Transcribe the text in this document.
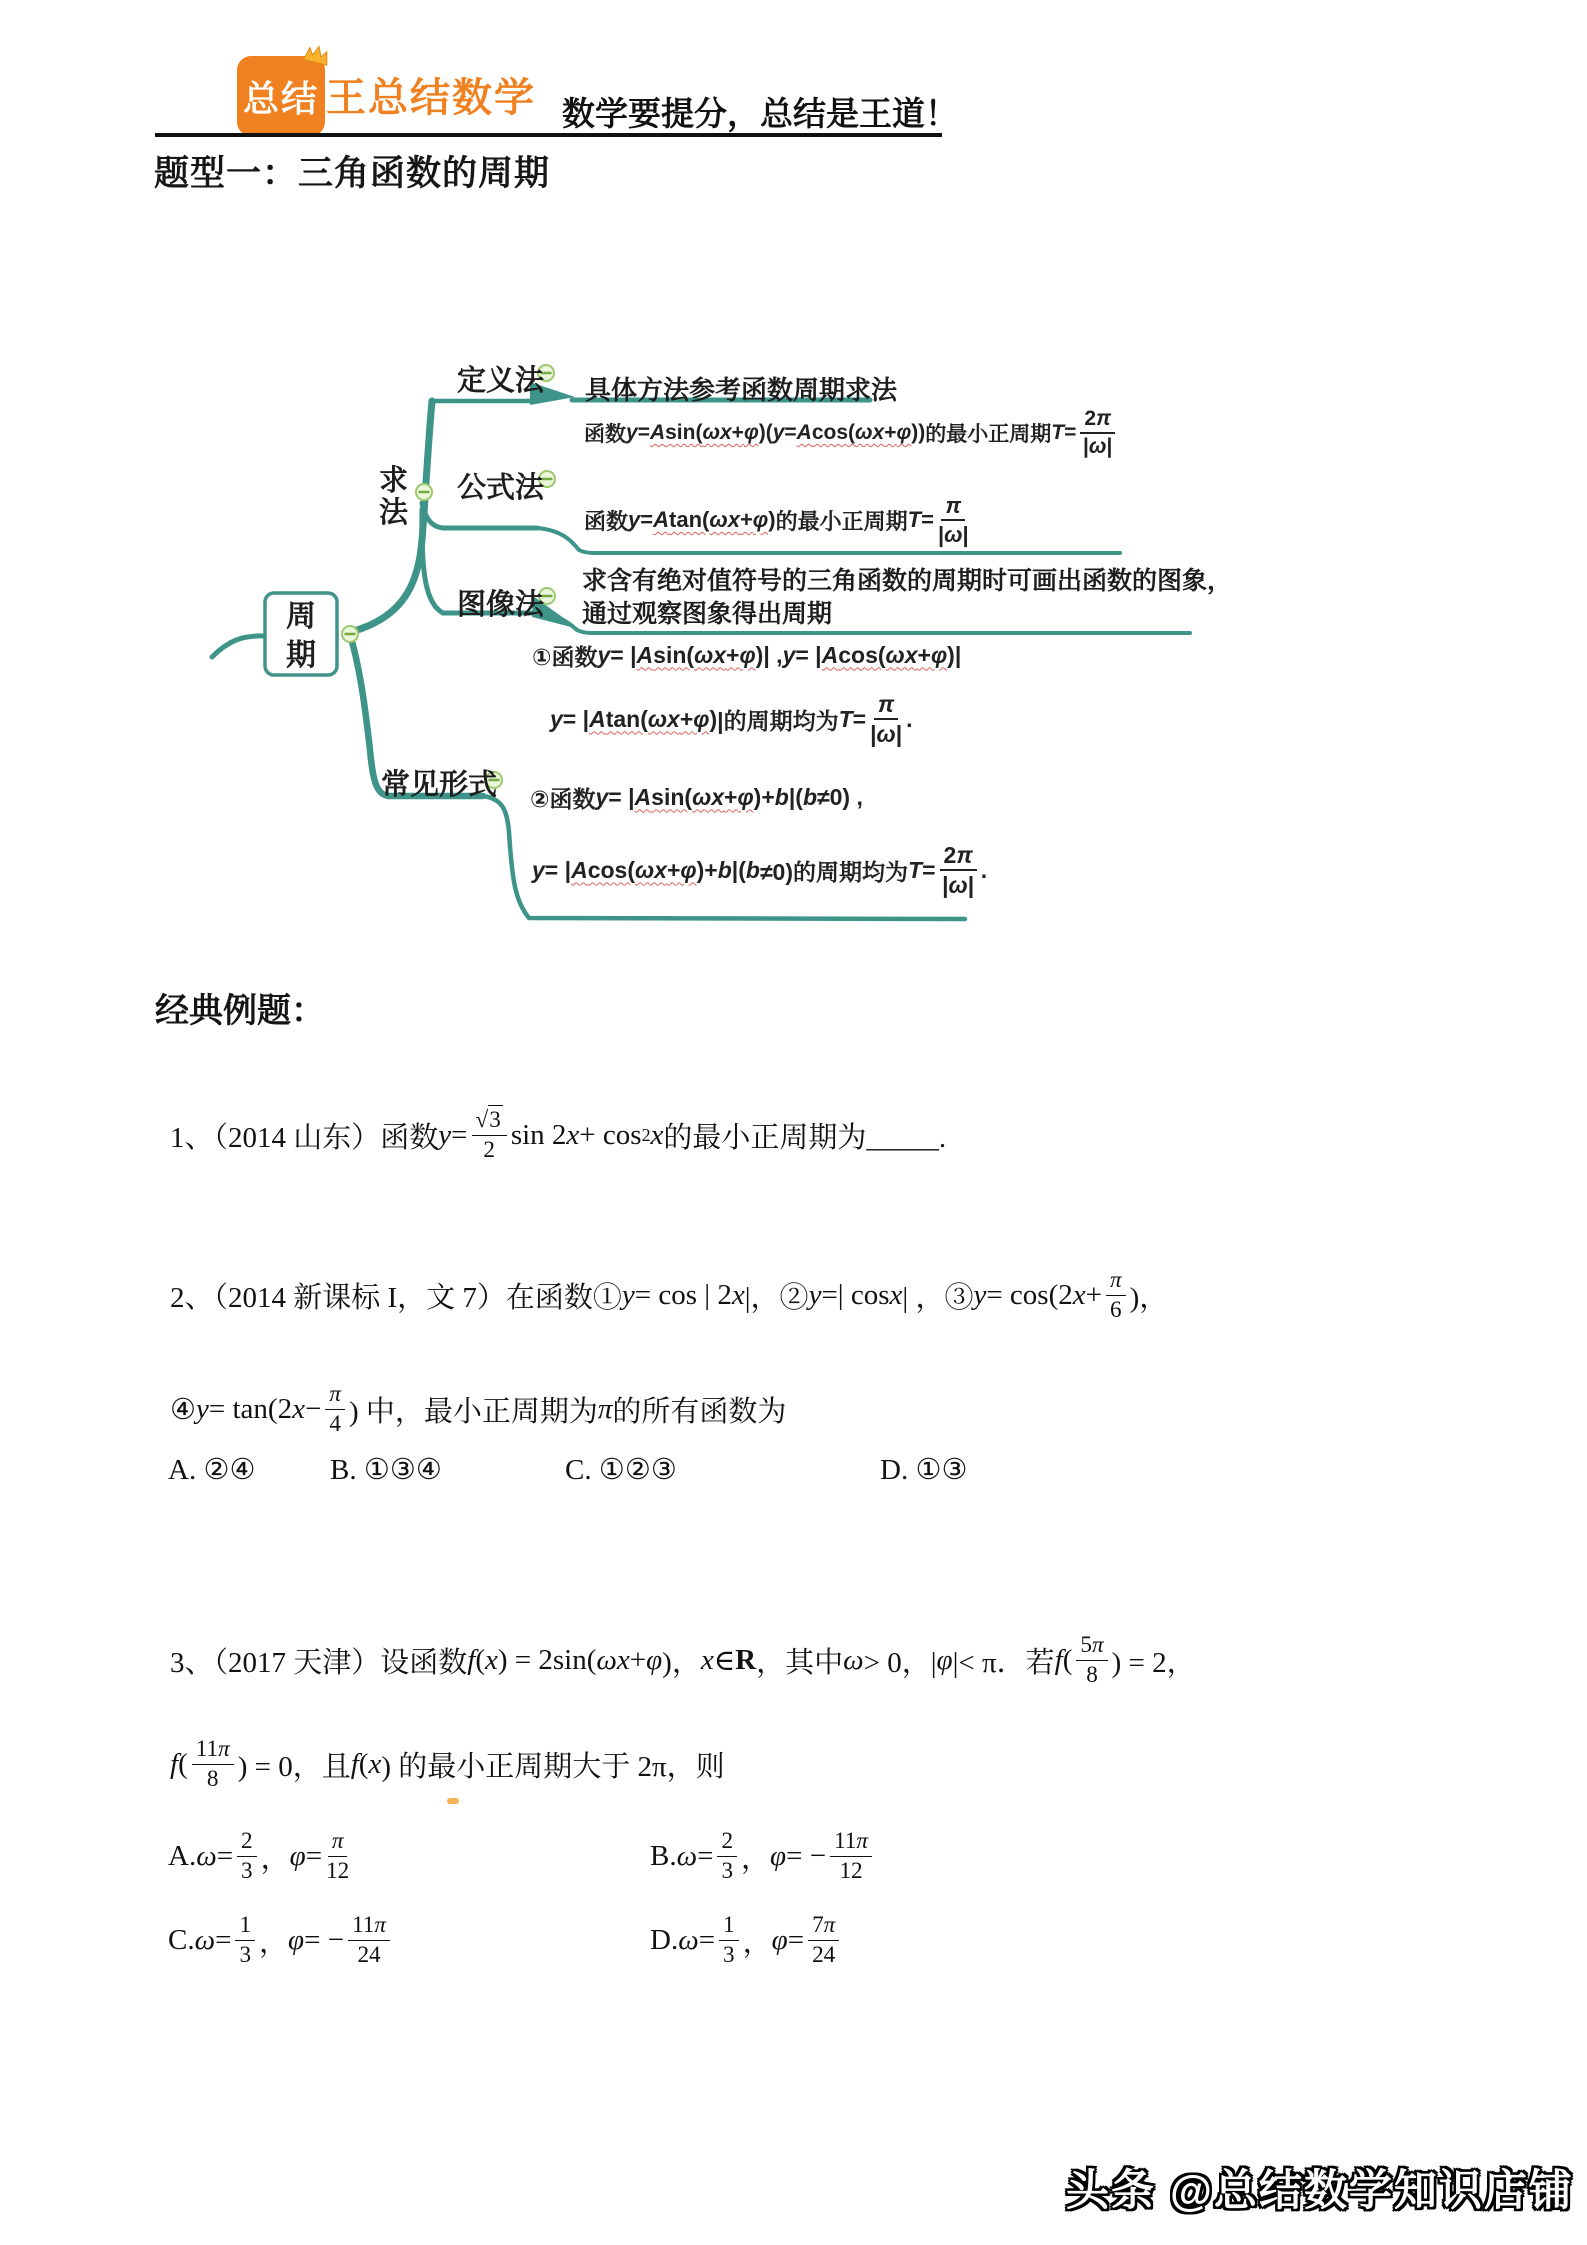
总结 王总结数学 数学要提分，总结是王道！
题型一：三角函数的周期
周期
求法
定义法
公式法
图像法
常见形式
具体方法参考函数周期求法
函数 y = A sin( ωx + φ ) ( y = A cos( ωx + φ )) 的最小正周期 $T = \frac{2\pi}{|\omega|}$
函数 y = A tan( ωx + φ ) 的最小正周期 $T = \frac{\pi}{|\omega|}$
求含有绝对值符号的三角函数的周期时可画出函数的图象，
通过观察图象得出周期
①函数 y = | A sin( ωx + φ ) | , y = | A cos( ωx + φ ) |
y = | A tan( ωx + φ ) |的周期均为 $T = \frac{\pi}{|\omega|}$ .
②函数 y = | A sin( ωx + φ ) + b |( b ≠0) ,
y = | A cos( ωx + φ ) + b |( b ≠0)的周期均为 $T = \frac{2\pi}{|\omega|}$ .
经典例题：
1、（2014 山东）函数 $y = \frac{√3}{2}$ sin 2 x + cos 2 x 的最小正周期为_____.
2、（2014 新课标 I，文 7）在函数① y = cos | 2 x |，② y =| cos x | ，③ y = cos(2 $x + \frac{\pi}{6}$ )，
④ y = tan(2 $x - \frac{\pi}{4}$ ) 中，最小正周期为 π 的所有函数为
A. ②④	B. ①③④	C. ①②③	D. ①③
3、（2017 天津）设函数 f ( x ) = 2sin( ωx + φ )， x ∈ R ，其中 ω > 0，| φ |< π．若 f ( $\frac{5\pi}{8}$ ) = 2，
f ( $\frac{11\pi}{8}$ ) = 0，且 f ( x ) 的最小正周期大于 2π，则
A. $\omega = \frac{2}{3}$ ， $\varphi = \frac{\pi}{12}$	B. $\omega = \frac{2}{3}$ ， φ = − $\frac{11\pi}{12}$
C. $\omega = \frac{1}{3}$ ， φ = − $\frac{11\pi}{24}$	D. $\omega = \frac{1}{3}$ ， $\varphi = \frac{7\pi}{24}$
头条 @总结数学知识店铺
